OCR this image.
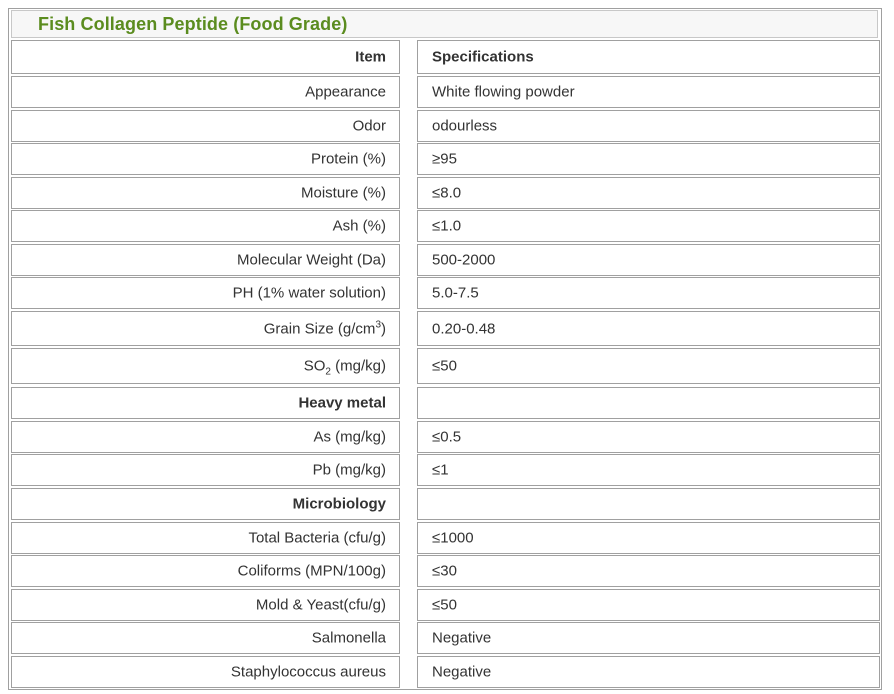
Fish Collagen Peptide (Food Grade)
Item	Specifications
Appearance	White flowing powder
Odor	odourless
Protein (%)	≥95
Moisture (%)	≤8.0
Ash (%)	≤1.0
Molecular Weight (Da)	500-2000
PH (1% water solution)	5.0-7.5
Grain Size $(g/cm^3)$	0.20-0.48
$SO_2$ (mg/kg)	≤50
Heavy metal
As (mg/kg)	≤0.5
Pb (mg/kg)	≤1
Microbiology
Total Bacteria (cfu/g)	≤1000
Coliforms (MPN/100g)	≤30
Mold & Yeast(cfu/g)	≤50
Salmonella	Negative
Staphylococcus aureus	Negative
